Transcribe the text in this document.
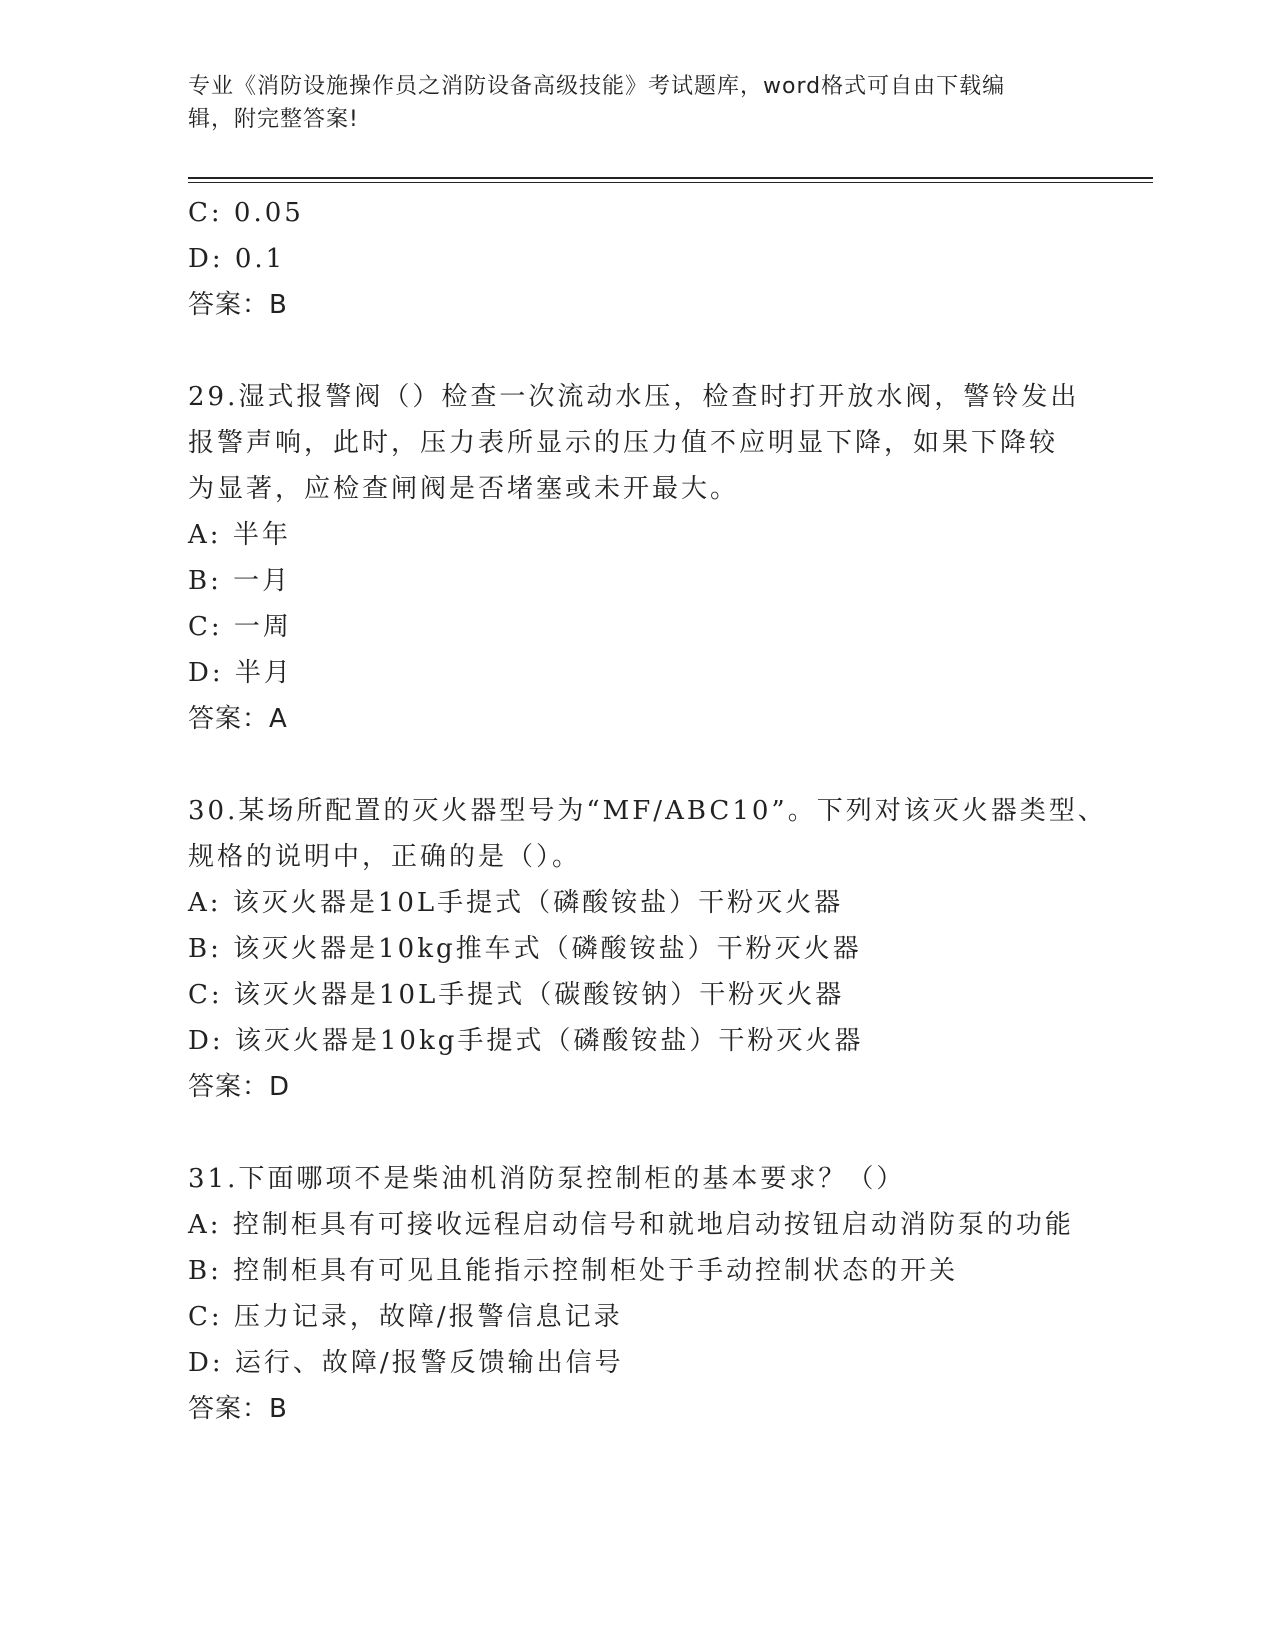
专业《消防设施操作员之消防设备高级技能》考试题库，word格式可自由下载编
辑，附完整答案!
C: 0.05
D: 0.1
答案：B
29.湿式报警阀（）检查一次流动水压，检查时打开放水阀，警铃发出
报警声响，此时，压力表所显示的压力值不应明显下降，如果下降较
为显著，应检查闸阀是否堵塞或未开最大。
A: 半年
B: 一月
C: 一周
D: 半月
答案：A
30.某场所配置的灭火器型号为“MF/ABC10”。下列对该灭火器类型、
规格的说明中，正确的是（）。
A: 该灭火器是10L手提式（磷酸铵盐）干粉灭火器
B: 该灭火器是10kg推车式（磷酸铵盐）干粉灭火器
C: 该灭火器是10L手提式（碳酸铵钠）干粉灭火器
D: 该灭火器是10kg手提式（磷酸铵盐）干粉灭火器
答案：D
31.下面哪项不是柴油机消防泵控制柜的基本要求？（）
A: 控制柜具有可接收远程启动信号和就地启动按钮启动消防泵的功能
B: 控制柜具有可见且能指示控制柜处于手动控制状态的开关
C: 压力记录，故障/报警信息记录
D: 运行、故障/报警反馈输出信号
答案：B
